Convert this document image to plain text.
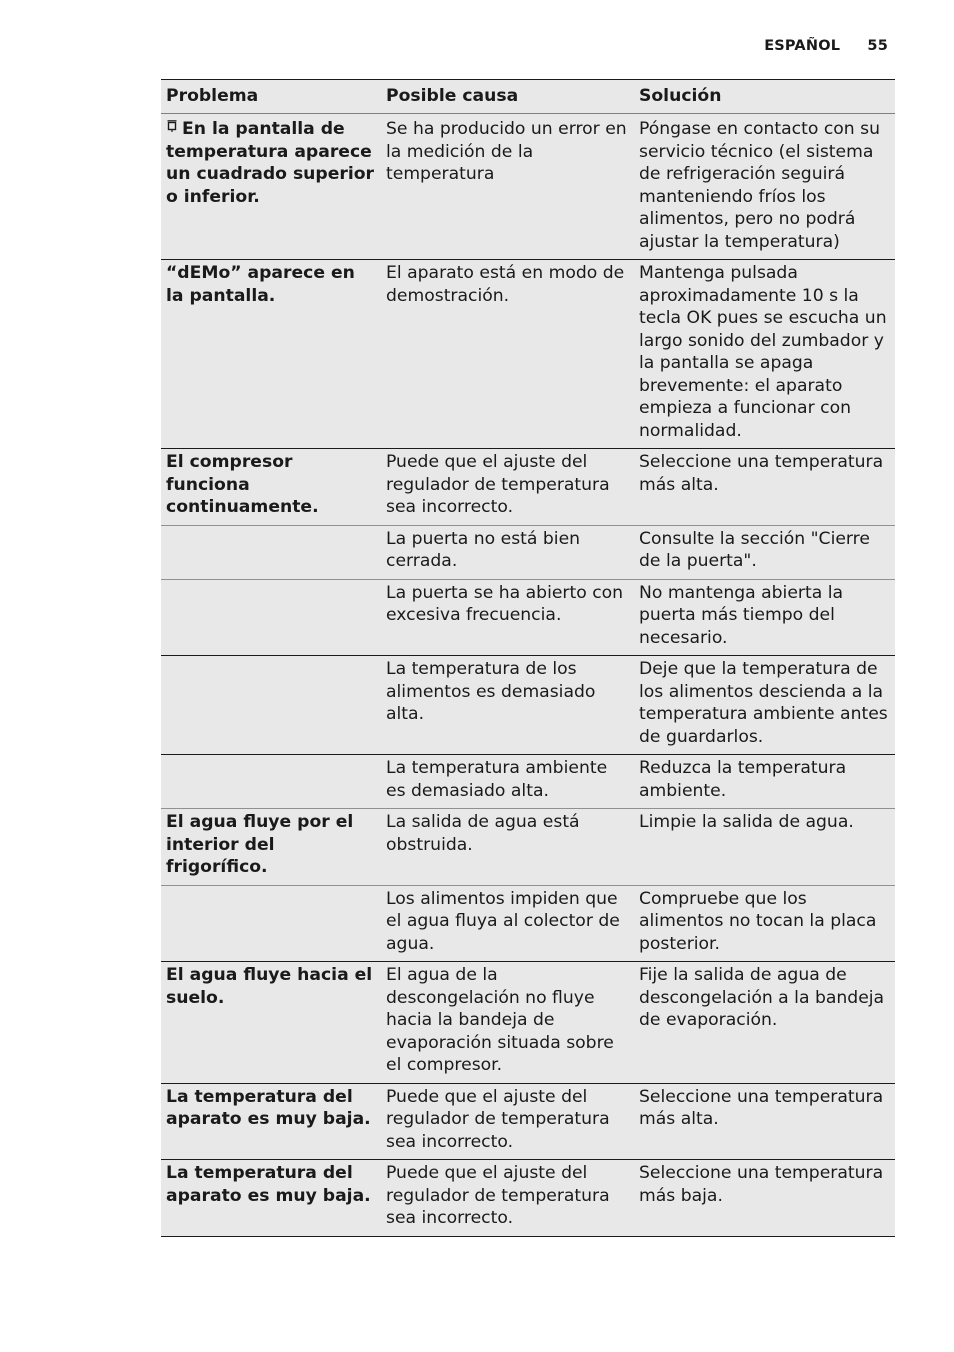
ESPAÑOL 55
Problema	Posible causa	Solución
En la pantalla de temperatura aparece un cuadrado superior o inferior.	Se ha producido un error en la medición de la temperatura	Póngase en contacto con su servicio técnico (el sistema de refrigeración seguirá manteniendo fríos los alimentos, pero no podrá ajustar la temperatura)
“dEMo” aparece en la pantalla.	El aparato está en modo de demostración.	Mantenga pulsada aproximadamente 10 s la tecla OK pues se escucha un largo sonido del zumbador y la pantalla se apaga brevemente: el aparato empieza a funcionar con normalidad.
El compresor funciona continuamente.	Puede que el ajuste del regulador de temperatura sea incorrecto.	Seleccione una temperatura más alta.
	La puerta no está bien cerrada.	Consulte la sección "Cierre de la puerta".
	La puerta se ha abierto con excesiva frecuencia.	No mantenga abierta la puerta más tiempo del necesario.
	La temperatura de los alimentos es demasiado alta.	Deje que la temperatura de los alimentos descienda a la temperatura ambiente antes de guardarlos.
	La temperatura ambiente es demasiado alta.	Reduzca la temperatura ambiente.
El agua fluye por el interior del frigorífico.	La salida de agua está obstruida.	Limpie la salida de agua.
	Los alimentos impiden que el agua fluya al colector de agua.	Compruebe que los alimentos no tocan la placa posterior.
El agua fluye hacia el suelo.	El agua de la descongelación no fluye hacia la bandeja de evaporación situada sobre el compresor.	Fije la salida de agua de descongelación a la bandeja de evaporación.
La temperatura del aparato es muy baja.	Puede que el ajuste del regulador de temperatura sea incorrecto.	Seleccione una temperatura más alta.
La temperatura del aparato es muy baja.	Puede que el ajuste del regulador de temperatura sea incorrecto.	Seleccione una temperatura más baja.
